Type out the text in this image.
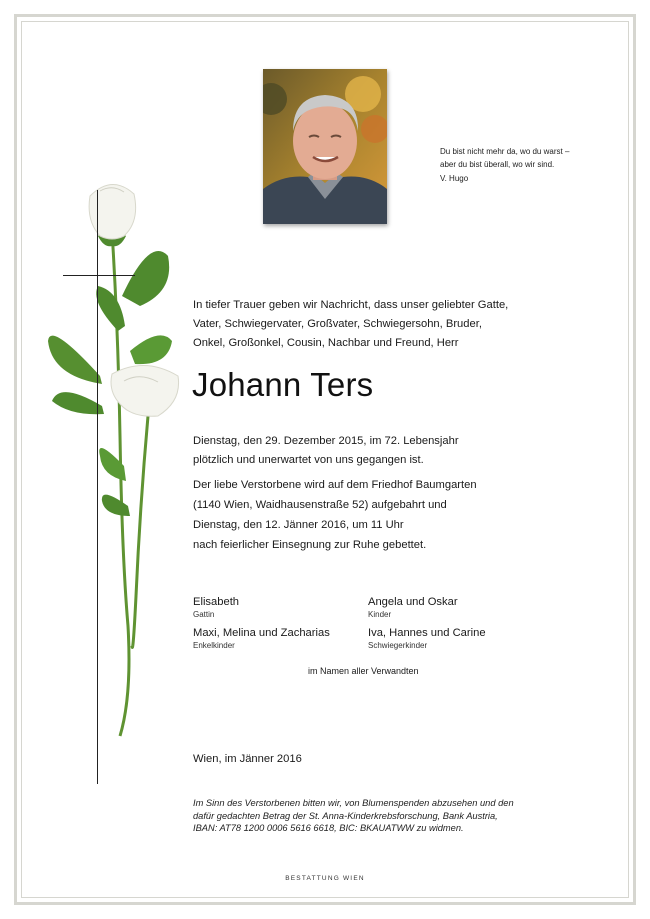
Du bist nicht mehr da, wo du warst –
aber du bist überall, wo wir sind.
V. Hugo

In tiefer Trauer geben wir Nachricht, dass unser geliebter Gatte,

Vater, Schwiegervater, Großvater, Schwiegersohn, Bruder,

Onkel, Großonkel, Cousin, Nachbar und Freund, Herr

Johann Ters

Dienstag, den 29. Dezember 2015, im 72. Lebensjahr

plötzlich und unerwartet von uns gegangen ist.

Der liebe Verstorbene wird auf dem Friedhof Baumgarten

(1140 Wien, Waidhausenstraße 52) aufgebahrt und

Dienstag, den 12. Jänner 2016, um 11 Uhr

nach feierlicher Einsegnung zur Ruhe gebettet.

Elisabeth
Gattin
Angela und Oskar
Kinder
Maxi, Melina und Zacharias
Enkelkinder
Iva, Hannes und Carine
Schwiegerkinder
im Namen aller Verwandten
Wien, im Jänner 2016

Im Sinn des Verstorbenen bitten wir, von Blumenspenden abzusehen und den

dafür gedachten Betrag der St. Anna-Kinderkrebsforschung, Bank Austria,

IBAN: AT78 1200 0006 5616 6618, BIC: BKAUATWW zu widmen.

BESTATTUNG WIEN
